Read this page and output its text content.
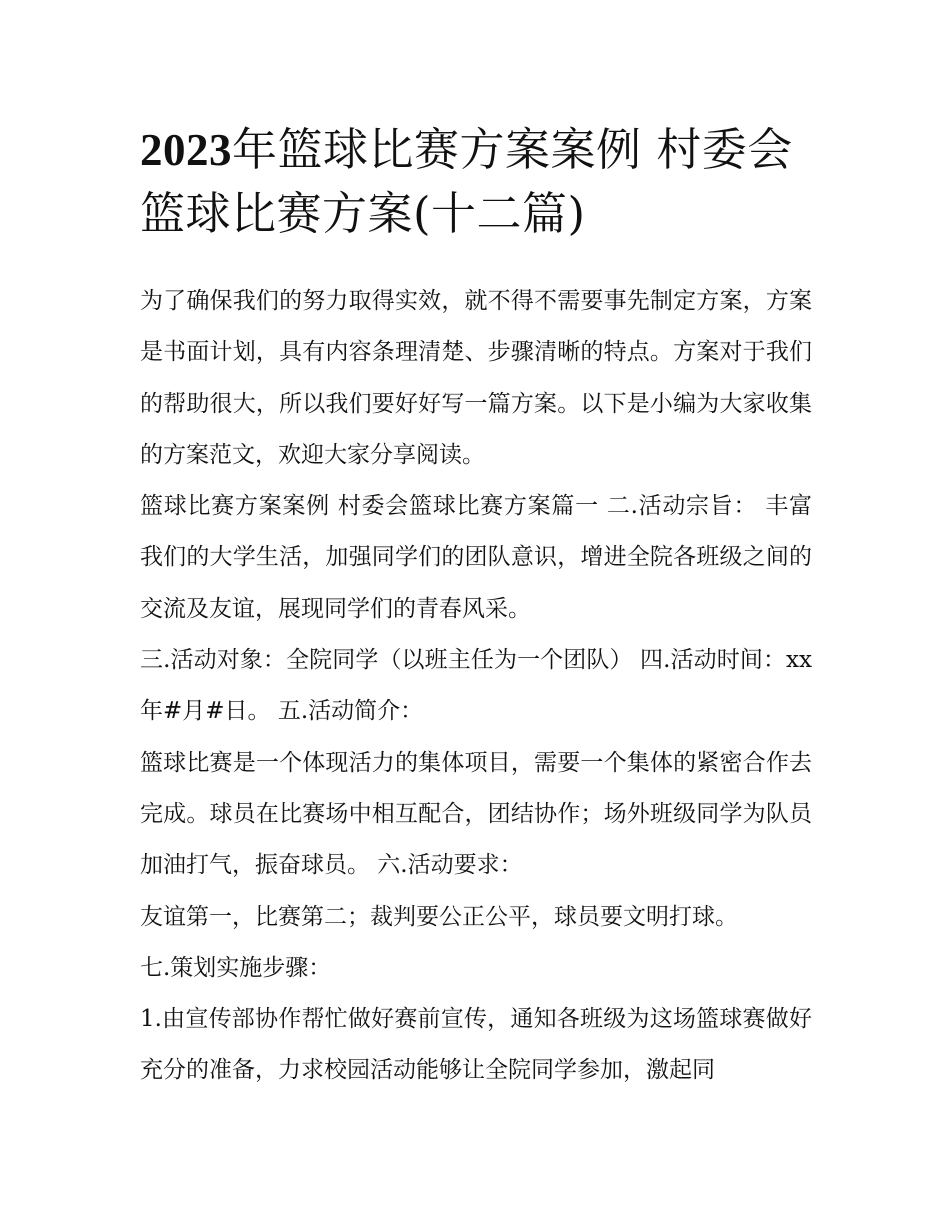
2023年篮球比赛方案案例 村委会篮球比赛方案(十二篇)

为了确保我们的努力取得实效，就不得不需要事先制定方案，方案是书面计划，具有内容条理清楚、步骤清晰的特点。方案对于我们的帮助很大，所以我们要好好写一篇方案。以下是小编为大家收集的方案范文，欢迎大家分享阅读。

篮球比赛方案案例 村委会篮球比赛方案篇一 二.活动宗旨： 丰富我们的大学生活，加强同学们的团队意识，增进全院各班级之间的交流及友谊，展现同学们的青春风采。

三.活动对象：全院同学（以班主任为一个团队） 四.活动时间：xx年#月#日。 五.活动简介：

篮球比赛是一个体现活力的集体项目，需要一个集体的紧密合作去完成。球员在比赛场中相互配合，团结协作；场外班级同学为队员加油打气，振奋球员。 六.活动要求：

友谊第一，比赛第二；裁判要公正公平，球员要文明打球。

七.策划实施步骤：

1.由宣传部协作帮忙做好赛前宣传，通知各班级为这场篮球赛做好充分的准备，力求校园活动能够让全院同学参加，激起同
